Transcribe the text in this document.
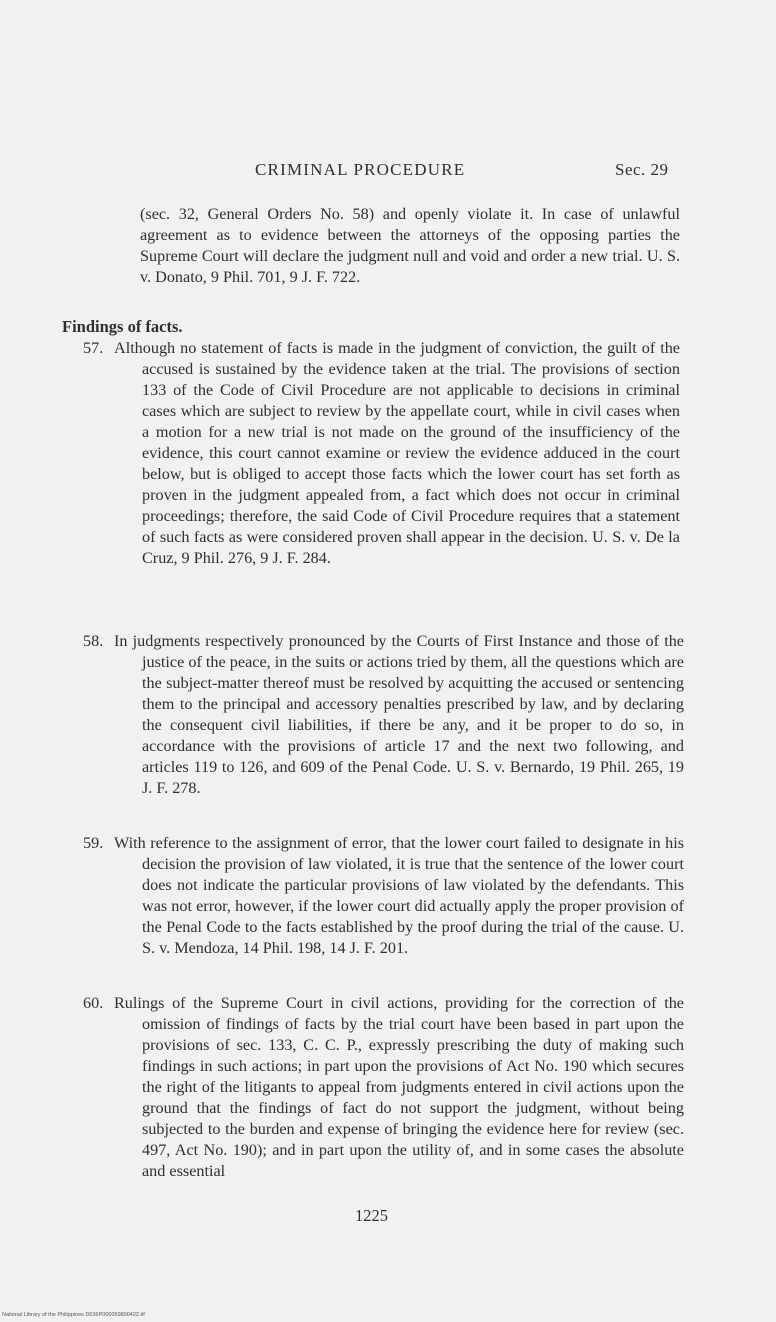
CRIMINAL PROCEDURE	Sec. 29
(sec. 32, General Orders No. 58) and openly violate it. In case of unlawful agreement as to evidence between the attorneys of the opposing parties the Supreme Court will declare the judgment null and void and order a new trial. U. S. v. Donato, 9 Phil. 701, 9 J. F. 722.
Findings of facts.
57. Although no statement of facts is made in the judgment of conviction, the guilt of the accused is sustained by the evidence taken at the trial. The provisions of section 133 of the Code of Civil Procedure are not applicable to decisions in criminal cases which are subject to review by the appellate court, while in civil cases when a motion for a new trial is not made on the ground of the insufficiency of the evidence, this court cannot examine or review the evidence adduced in the court below, but is obliged to accept those facts which the lower court has set forth as proven in the judgment appealed from, a fact which does not occur in criminal proceedings; therefore, the said Code of Civil Procedure requires that a statement of such facts as were considered proven shall appear in the decision. U. S. v. De la Cruz, 9 Phil. 276, 9 J. F. 284.
58. In judgments respectively pronounced by the Courts of First Instance and those of the justice of the peace, in the suits or actions tried by them, all the questions which are the subject-matter thereof must be resolved by acquitting the accused or sentencing them to the principal and accessory penalties prescribed by law, and by declaring the consequent civil liabilities, if there be any, and it be proper to do so, in accordance with the provisions of article 17 and the next two following, and articles 119 to 126, and 609 of the Penal Code. U. S. v. Bernardo, 19 Phil. 265, 19 J. F. 278.
59. With reference to the assignment of error, that the lower court failed to designate in his decision the provision of law violated, it is true that the sentence of the lower court does not indicate the particular provisions of law violated by the defendants. This was not error, however, if the lower court did actually apply the proper provision of the Penal Code to the facts established by the proof during the trial of the cause. U. S. v. Mendoza, 14 Phil. 198, 14 J. F. 201.
60. Rulings of the Supreme Court in civil actions, providing for the correction of the omission of findings of facts by the trial court have been based in part upon the provisions of sec. 133, C. C. P., expressly prescribing the duty of making such findings in such actions; in part upon the provisions of Act No. 190 which secures the right of the litigants to appeal from judgments entered in civil actions upon the ground that the findings of fact do not support the judgment, without being subjected to the burden and expense of bringing the evidence here for review (sec. 497, Act No. 190); and in part upon the utility of, and in some cases the absolute and essential
1225
National Library of the Philippines D036P000059800422.tif
